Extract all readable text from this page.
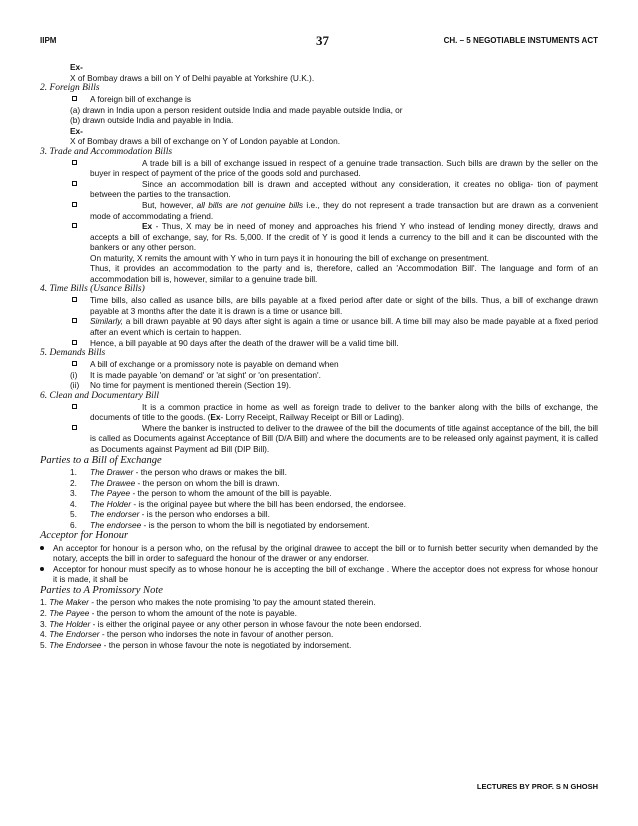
IIPM	37	CH. – 5 NEGOTIABLE INSTUMENTS ACT
Ex-
X of Bombay draws a bill on Y of Delhi payable at Yorkshire (U.K.).
2. Foreign Bills
A foreign bill of exchange is
(a) drawn in India upon a person resident outside India and made payable outside India, or
(b) drawn outside India and payable in India.
Ex-
X of Bombay draws a bill of exchange on Y of London payable at London.
3. Trade and Accommodation Bills
A trade bill is a bill of exchange issued in respect of a genuine trade transaction. Such bills are drawn by the seller on the buyer in respect of payment of the price of the goods sold and purchased.
Since an accommodation bill is drawn and accepted without any consideration, it creates no obliga- tion of payment between the parties to the transaction.
But, however, all bills are not genuine bills i.e., they do not represent a trade transaction but are drawn as a convenient mode of accommodating a friend.
Ex - Thus, X may be in need of money and approaches his friend Y who instead of lending money directly, draws and accepts a bill of exchange, say, for Rs. 5,000. If the credit of Y is good it lends a currency to the bill and it can be discounted with the bankers or any other person.
On maturity, X remits the amount with Y who in turn pays it in honouring the bill of exchange on presentment.
Thus, it provides an accommodation to the party and is, therefore, called an 'Accommodation Bill'. The language and form of an accommodation bill is, however, similar to a genuine trade bill.
4. Time Bills (Usance Bills)
Time bills, also called as usance bills, are bills payable at a fixed period after date or sight of the bills. Thus, a bill of exchange drawn payable at 3 months after the date it is drawn is a time or usance bill.
Similarly, a bill drawn payable at 90 days after sight is again a time or usance bill. A time bill may also be made payable at a fixed period after an event which is certain to happen.
Hence, a bill payable at 90 days after the death of the drawer will be a valid time bill.
5. Demands Bills
A bill of exchange or a promissory note is payable on demand when
(i) It is made payable 'on demand' or 'at sight' or 'on presentation'.
(ii) No time for payment is mentioned therein (Section 19).
6. Clean and Documentary Bill
It is a common practice in home as well as foreign trade to deliver to the banker along with the bills of exchange, the documents of title to the goods. (Ex- Lorry Receipt, Railway Receipt or Bill or Lading).
Where the banker is instructed to deliver to the drawee of the bill the documents of title against acceptance of the bill, the bill is called as Documents against Acceptance of Bill (D/A Bill) and where the documents are to be released only against payment, it is called as Documents against Payment ad Bill (DIP Bill).
Parties to a Bill of Exchange
1. The Drawer - the person who draws or makes the bill.
2. The Drawee - the person on whom the bill is drawn.
3. The Payee - the person to whom the amount of the bill is payable.
4. The Holder - is the original payee but where the bill has been endorsed, the endorsee.
5. The endorser - is the person who endorses a bill.
6. The endorsee - is the person to whom the bill is negotiated by endorsement.
Acceptor for Honour
An acceptor for honour is a person who, on the refusal by the original drawee to accept the bill or to furnish better security when demanded by the notary, accepts the bill in order to safeguard the honour of the drawer or any endorser.
Acceptor for honour must specify as to whose honour he is accepting the bill of exchange . Where the acceptor does not express for whose honour it is made, it shall be
Parties to A Promissory Note
1. The Maker - the person who makes the note promising 'to pay the amount stated therein.
2. The Payee - the person to whom the amount of the note is payable.
3. The Holder - is either the original payee or any other person in whose favour the note been endorsed.
4. The Endorser - the person who indorses the note in favour of another person.
5. The Endorsee - the person in whose favour the note is negotiated by indorsement.
LECTURES BY PROF. S N GHOSH
